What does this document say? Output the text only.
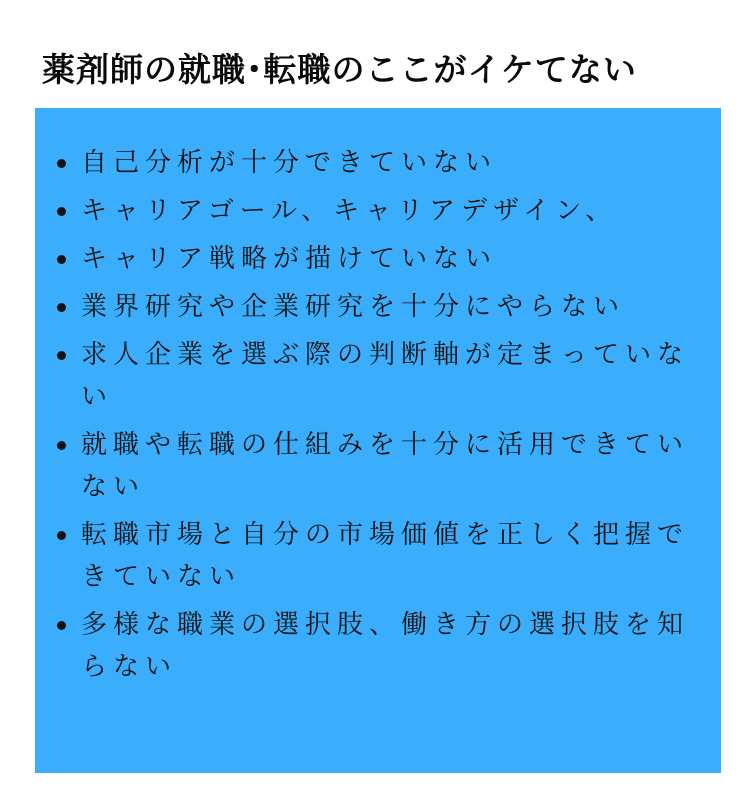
薬剤師の就職･転職のここがイケてない
自己分析が十分できていない
キャリアゴール、キャリアデザイン、
キャリア戦略が描けていない
業界研究や企業研究を十分にやらない
求人企業を選ぶ際の判断軸が定まっていない
就職や転職の仕組みを十分に活用できていない
転職市場と自分の市場価値を正しく把握できていない
多様な職業の選択肢、働き方の選択肢を知らない
